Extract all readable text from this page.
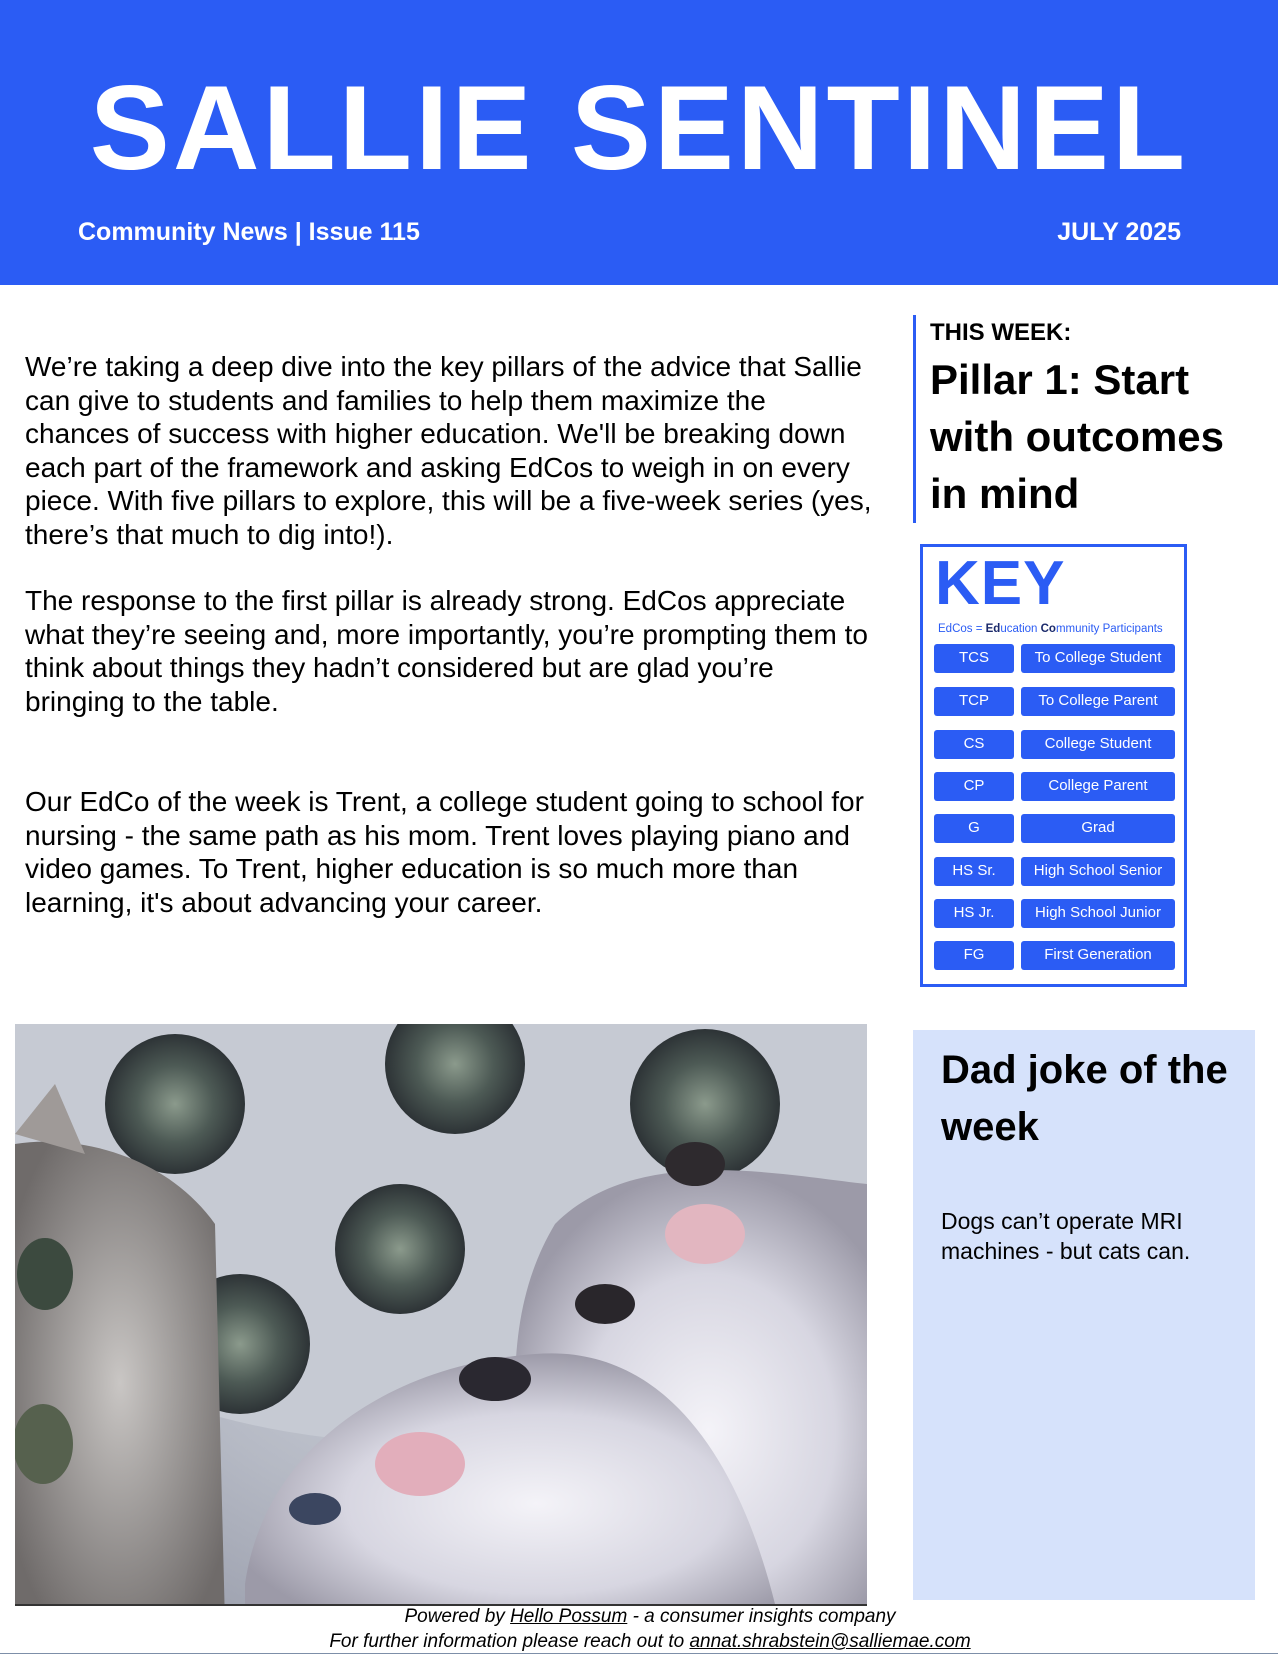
SALLIE SENTINEL
Community News | Issue 115	JULY 2025

We’re taking a deep dive into the key pillars of the advice that Sallie can give to students and families to help them maximize the chances of success with higher education. We'll be breaking down each part of the framework and asking EdCos to weigh in on every piece. With five pillars to explore, this will be a five-week series (yes, there’s that much to dig into!).

The response to the first pillar is already strong. EdCos appreciate what they’re seeing and, more importantly, you’re prompting them to think about things they hadn’t considered but are glad you’re bringing to the table.

Our EdCo of the week is Trent, a college student going to school for nursing - the same path as his mom. Trent loves playing piano and video games. To Trent, higher education is so much more than learning, it's about advancing your career.

THIS WEEK:
Pillar 1: Start with outcomes in mind
KEY
EdCos = Education Community Participants
TCS	To College Student
TCP	To College Parent
CS	College Student
CP	College Parent
G	Grad
HS Sr.	High School Senior
HS Jr.	High School Junior
FG	First Generation
Dad joke of the week
Dogs can’t operate MRI machines - but cats can.
Powered by Hello Possum - a consumer insights company
For further information please reach out to annat.shrabstein@salliemae.com
